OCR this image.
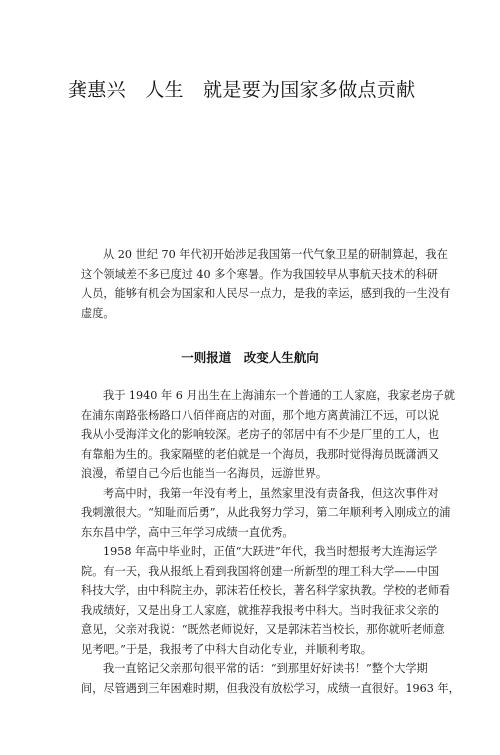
龚惠兴　人生　就是要为国家多做点贡献
从 20 世纪 70 年代初开始涉足我国第一代气象卫星的研制算起，我在
这个领域差不多已度过 40 多个寒暑。作为我国较早从事航天技术的科研
人员，能够有机会为国家和人民尽一点力，是我的幸运，感到我的一生没有
虚度。
一则报道　改变人生航向
我于 1940 年 6 月出生在上海浦东一个普通的工人家庭，我家老房子就
在浦东南路张杨路口八佰伴商店的对面，那个地方离黄浦江不远，可以说
我从小受海洋文化的影响较深。老房子的邻居中有不少是厂里的工人，也
有靠船为生的。我家隔壁的老伯就是一个海员，我那时觉得海员既潇洒又
浪漫，希望自己今后也能当一名海员，远游世界。
考高中时，我第一年没有考上，虽然家里没有责备我，但这次事件对
我刺激很大。“知耻而后勇”，从此我努力学习，第二年顺利考入刚成立的浦
东东昌中学，高中三年学习成绩一直优秀。
1958 年高中毕业时，正值“大跃进”年代，我当时想报考大连海运学
院。有一天，我从报纸上看到我国将创建一所新型的理工科大学——中国
科技大学，由中科院主办，郭沫若任校长，著名科学家执教。学校的老师看
我成绩好，又是出身工人家庭，就推荐我报考中科大。当时我征求父亲的
意见，父亲对我说：“既然老师说好，又是郭沫若当校长，那你就听老师意
见考吧。”于是，我报考了中科大自动化专业，并顺利考取。
我一直铭记父亲那句很平常的话：“到那里好好读书！”整个大学期
间，尽管遇到三年困难时期，但我没有放松学习，成绩一直很好。1963 年，
